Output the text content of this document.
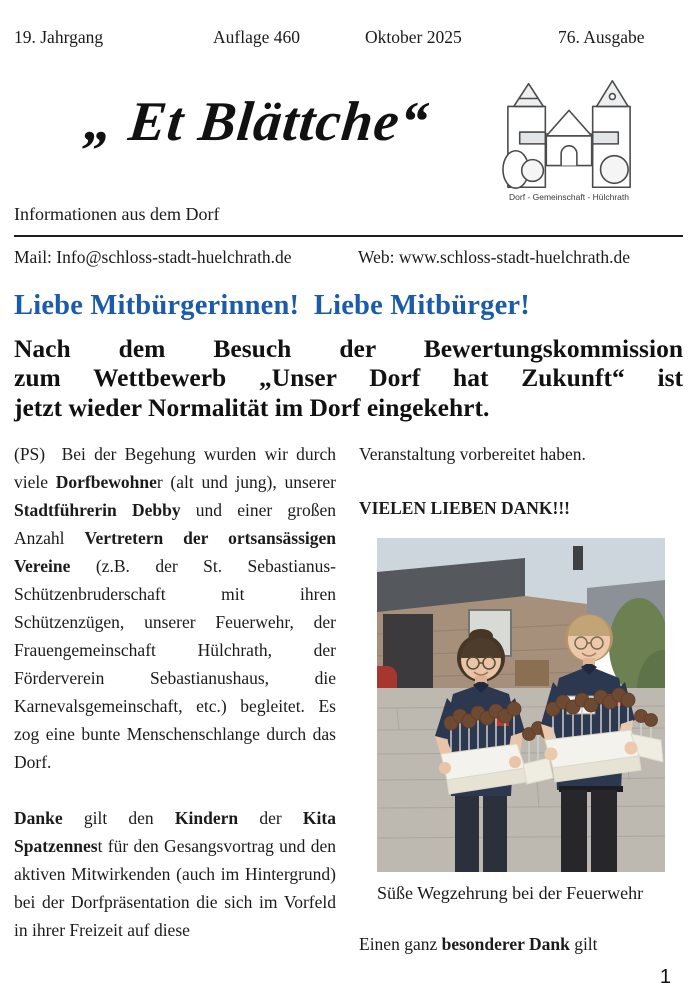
19. Jahrgang	Auflage 460	Oktober 2025	76. Ausgabe
„ Et Blättche“
Dorf - Gemeinschaft - Hülchrath
Informationen aus dem Dorf
Mail: Info@schloss-stadt-huelchrath.de	Web: www.schloss-stadt-huelchrath.de
Liebe Mitbürgerinnen!  Liebe Mitbürger!
Nach dem Besuch der Bewertungskommission
zum Wettbewerb „Unser Dorf hat Zukunft“ ist
jetzt wieder Normalität im Dorf eingekehrt.

(PS)  Bei der Begehung wurden wir durch viele Dorfbewohner (alt und jung), unserer Stadtführerin Debby und einer großen Anzahl Vertretern der ortsansässigen Vereine (z.B. der St. Sebastianus-Schützenbruderschaft mit ihren Schützenzügen, unserer Feuerwehr, der Frauengemeinschaft Hülchrath, der Förderverein Sebastianushaus, die Karnevalsgemeinschaft, etc.) begleitet. Es zog eine bunte Menschenschlange durch das Dorf.

Danke gilt den Kindern der Kita Spatzennest für den Gesangsvortrag und den aktiven Mitwirkenden (auch im Hintergrund) bei der Dorfpräsentation die sich im Vorfeld in ihrer Freizeit auf diese

Veranstaltung vorbereitet haben.

VIELEN LIEBEN DANK!!!

Süße Wegzehrung bei der Feuerwehr

Einen ganz besonderer Dank gilt

1
